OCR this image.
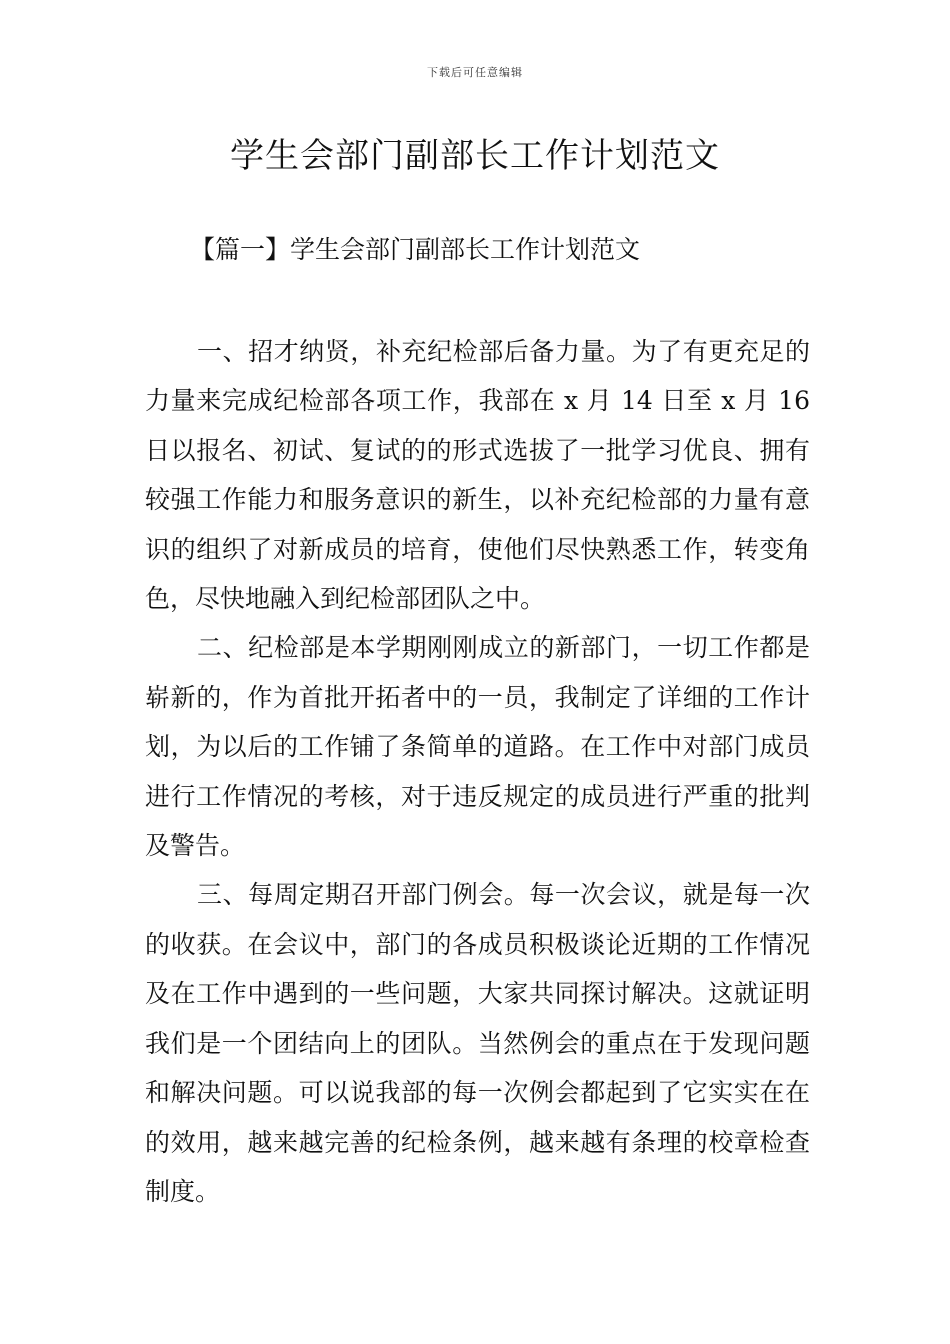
下载后可任意编辑
学生会部门副部长工作计划范文
【篇一】学生会部门副部长工作计划范文

一、招才纳贤，补充纪检部后备力量。为了有更充足的力量来完成纪检部各项工作，我部在 x 月 14 日至 x 月 16 日以报名、初试、复试的的形式选拔了一批学习优良、拥有较强工作能力和服务意识的新生，以补充纪检部的力量有意识的组织了对新成员的培育，使他们尽快熟悉工作，转变角色，尽快地融入到纪检部团队之中。

二、纪检部是本学期刚刚成立的新部门，一切工作都是崭新的，作为首批开拓者中的一员，我制定了详细的工作计划，为以后的工作铺了条简单的道路。在工作中对部门成员进行工作情况的考核，对于违反规定的成员进行严重的批判及警告。

三、每周定期召开部门例会。每一次会议，就是每一次的收获。在会议中，部门的各成员积极谈论近期的工作情况及在工作中遇到的一些问题，大家共同探讨解决。这就证明我们是一个团结向上的团队。当然例会的重点在于发现问题和解决问题。可以说我部的每一次例会都起到了它实实在在的效用，越来越完善的纪检条例，越来越有条理的校章检查制度。
